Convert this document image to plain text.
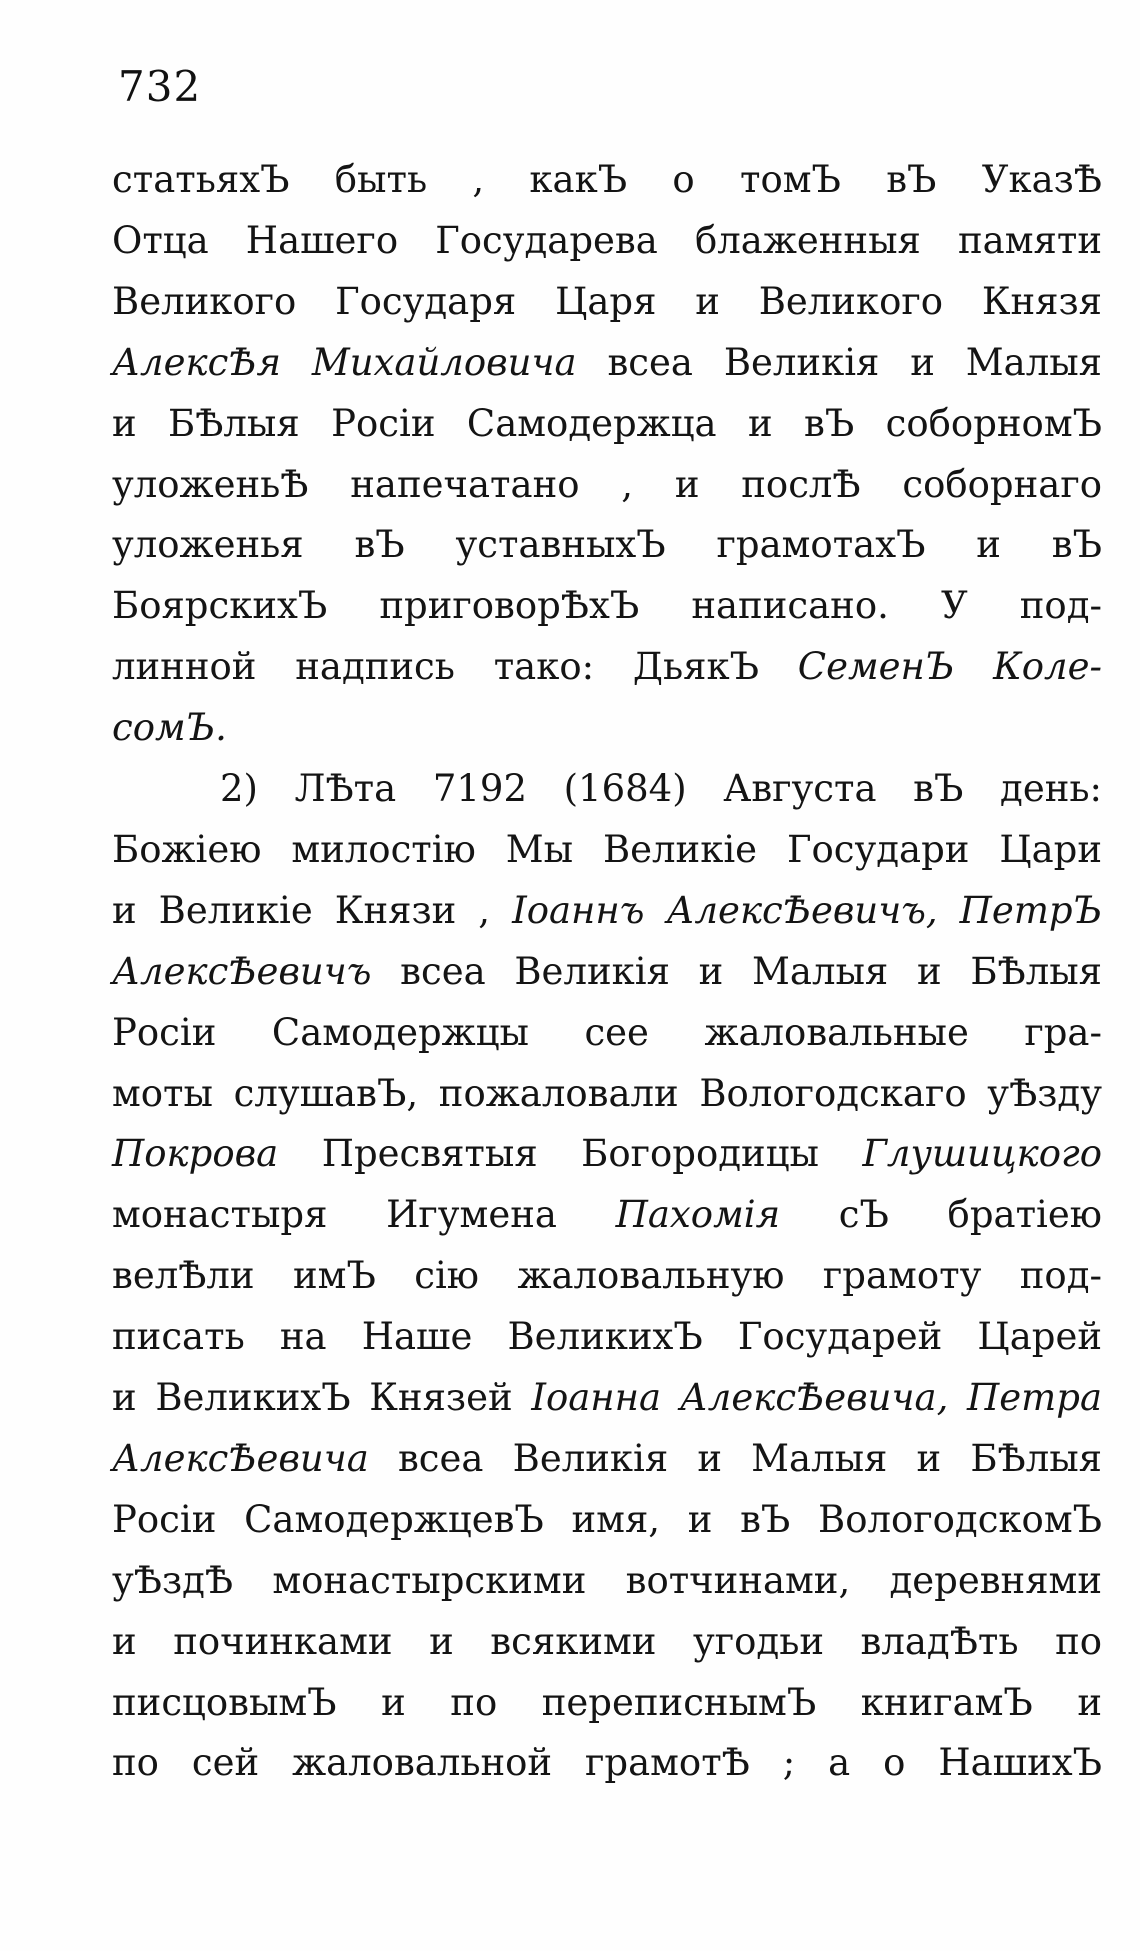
732
статьяхЪ быть , какЪ о томЪ вЪ УказѢ
Отца Нашего Государева блаженныя памяти
Великого Государя Царя и Великого Князя
АлексѢя Михайловича всеа Великія и Малыя
и БѢлыя Росіи Самодержца и вЪ соборномЪ
уложеньѢ напечатано , и послѢ соборнаго
уложенья вЪ уставныхЪ грамотахЪ и вЪ
БоярскихЪ приговорѢхЪ написано. У под-
линной надпись тако: ДьякЪ СеменЪ Коле-
сомЪ.
2) ЛѢта 7192 (1684) Августа вЪ день:
Божіею милостію Мы Великіе Государи Цари
и Великіе Князи , Іоаннъ АлексѢевичъ, ПетрЪ
АлексѢевичъ всеа Великія и Малыя и БѢлыя
Росіи Самодержцы сее жаловальные гра-
моты слушавЪ, пожаловали Вологодскаго уѢзду
Покрова Пресвятыя Богородицы Глушицкого
монастыря Игумена Пахомія сЪ братіею
велѢли имЪ сію жаловальную грамоту под-
писать на Наше ВеликихЪ Государей Царей
и ВеликихЪ Князей Іоанна АлексѢевича, Петра
АлексѢевича всеа Великія и Малыя и БѢлыя
Росіи СамодержцевЪ имя, и вЪ ВологодскомЪ
уѢздѢ монастырскими вотчинами, деревнями
и починками и всякими угодьи владѢть по
писцовымЪ и по переписнымЪ книгамЪ и
по сей жаловальной грамотѢ ; а о НашихЪ
